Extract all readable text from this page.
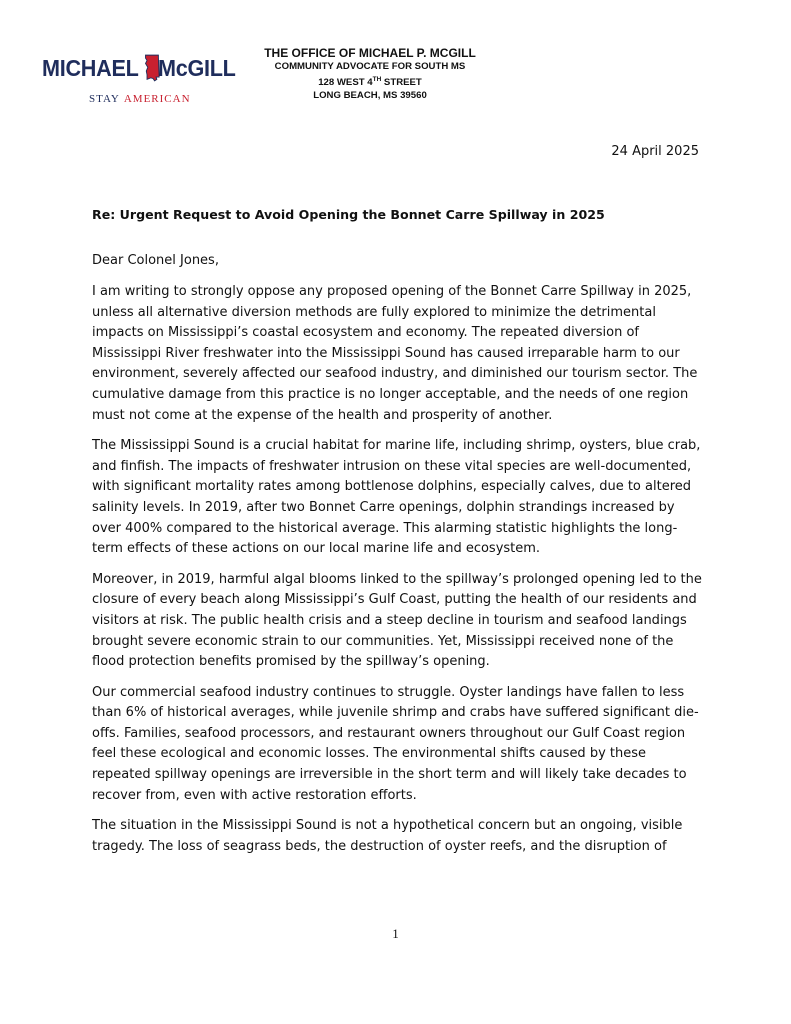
MICHAEL McGILL
STAY AMERICAN
THE OFFICE OF MICHAEL P. MCGILL
COMMUNITY ADVOCATE FOR SOUTH MS
128 WEST 4TH STREET
LONG BEACH, MS 39560
24 April 2025
Re: Urgent Request to Avoid Opening the Bonnet Carre Spillway in 2025
Dear Colonel Jones,

I am writing to strongly oppose any proposed opening of the Bonnet Carre Spillway in 2025, unless all alternative diversion methods are fully explored to minimize the detrimental impacts on Mississippi’s coastal ecosystem and economy. The repeated diversion of Mississippi River freshwater into the Mississippi Sound has caused irreparable harm to our environment, severely affected our seafood industry, and diminished our tourism sector. The cumulative damage from this practice is no longer acceptable, and the needs of one region must not come at the expense of the health and prosperity of another.

The Mississippi Sound is a crucial habitat for marine life, including shrimp, oysters, blue crab, and finfish. The impacts of freshwater intrusion on these vital species are well-documented, with significant mortality rates among bottlenose dolphins, especially calves, due to altered salinity levels. In 2019, after two Bonnet Carre openings, dolphin strandings increased by over 400% compared to the historical average. This alarming statistic highlights the long-term effects of these actions on our local marine life and ecosystem.

Moreover, in 2019, harmful algal blooms linked to the spillway’s prolonged opening led to the closure of every beach along Mississippi’s Gulf Coast, putting the health of our residents and visitors at risk. The public health crisis and a steep decline in tourism and seafood landings brought severe economic strain to our communities. Yet, Mississippi received none of the flood protection benefits promised by the spillway’s opening.

Our commercial seafood industry continues to struggle. Oyster landings have fallen to less than 6% of historical averages, while juvenile shrimp and crabs have suffered significant die-offs. Families, seafood processors, and restaurant owners throughout our Gulf Coast region feel these ecological and economic losses. The environmental shifts caused by these repeated spillway openings are irreversible in the short term and will likely take decades to recover from, even with active restoration efforts.

The situation in the Mississippi Sound is not a hypothetical concern but an ongoing, visible tragedy. The loss of seagrass beds, the destruction of oyster reefs, and the disruption of

1
